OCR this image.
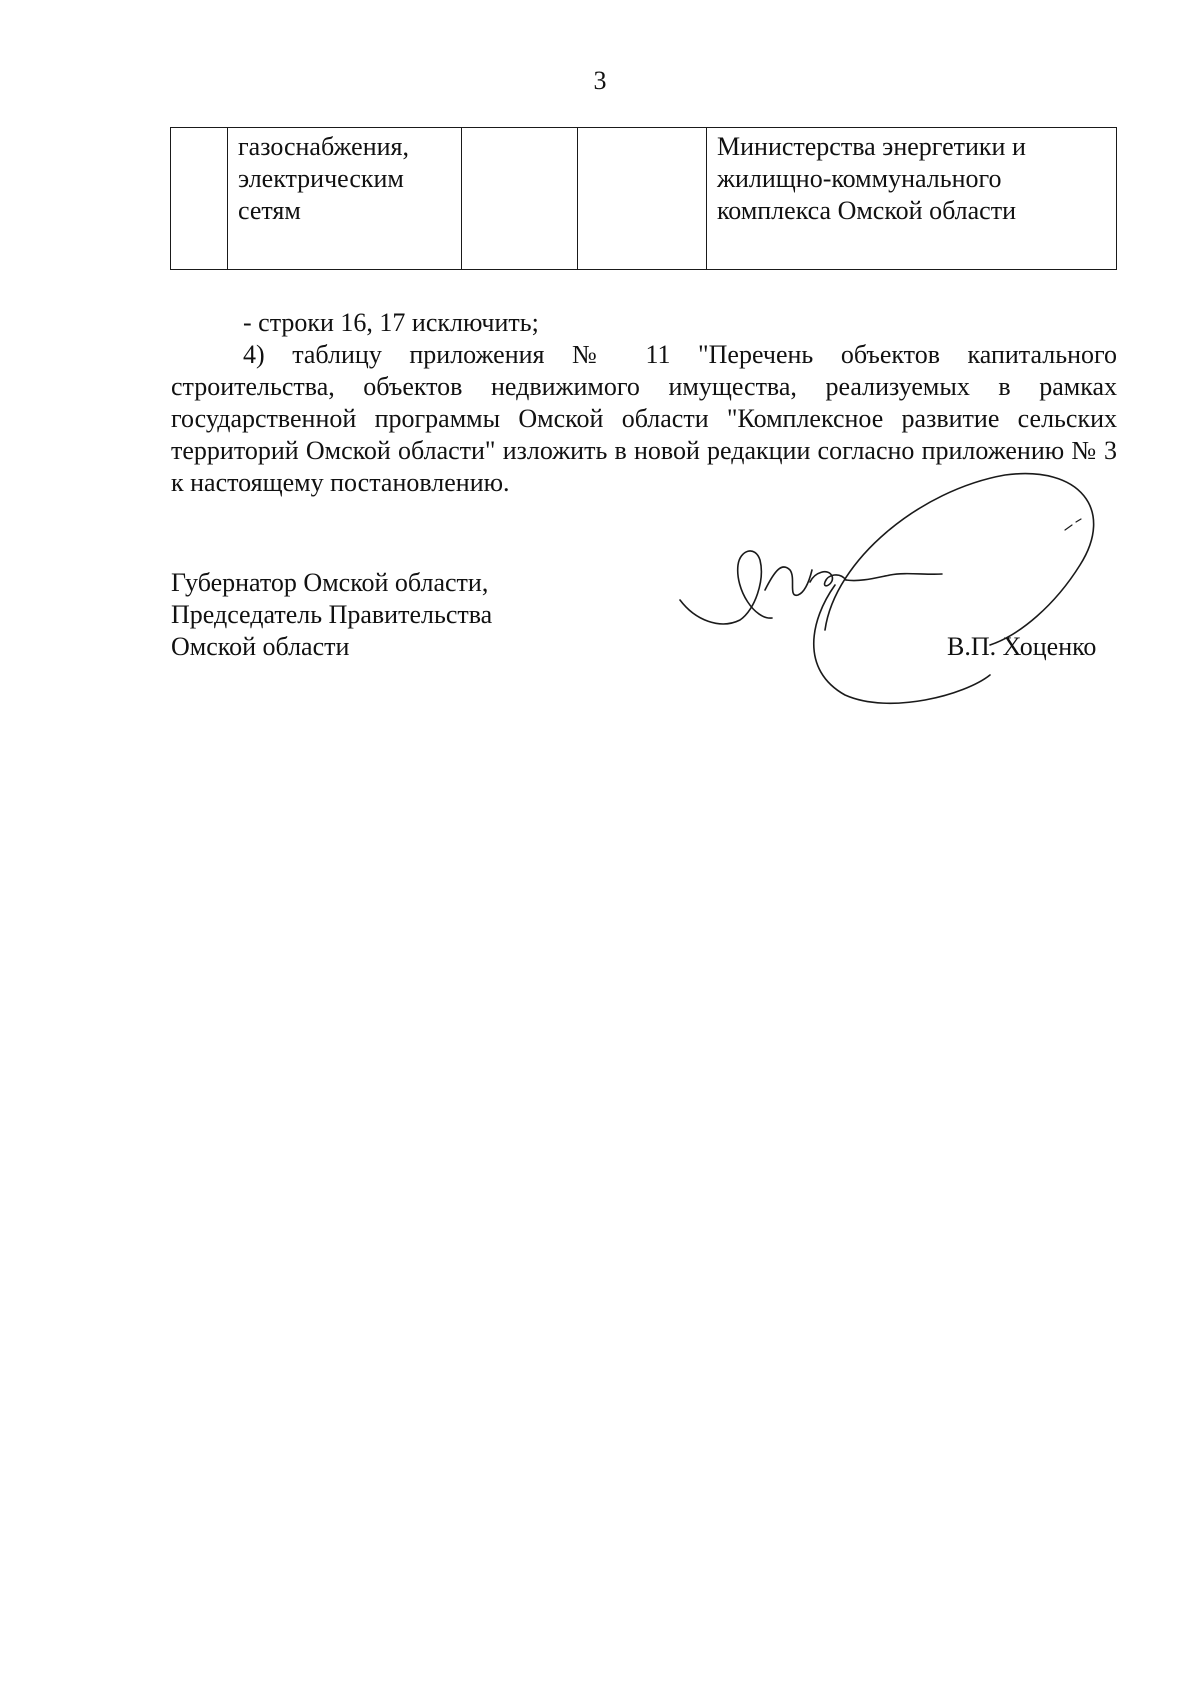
3
	газоснабжения,
электрическим
сетям			Министерства энергетики и
жилищно-коммунального
комплекса Омской области

- строки 16, 17 исключить;

4) таблицу приложения № 11 "Перечень объектов капитального строительства, объектов недвижимого имущества, реализуемых в рамках государственной программы Омской области "Комплексное развитие сельских территорий Омской области" изложить в новой редакции согласно приложению № 3 к настоящему постановлению.

Губернатор Омской области,
Председатель Правительства
Омской области	В.П. Хоценко
